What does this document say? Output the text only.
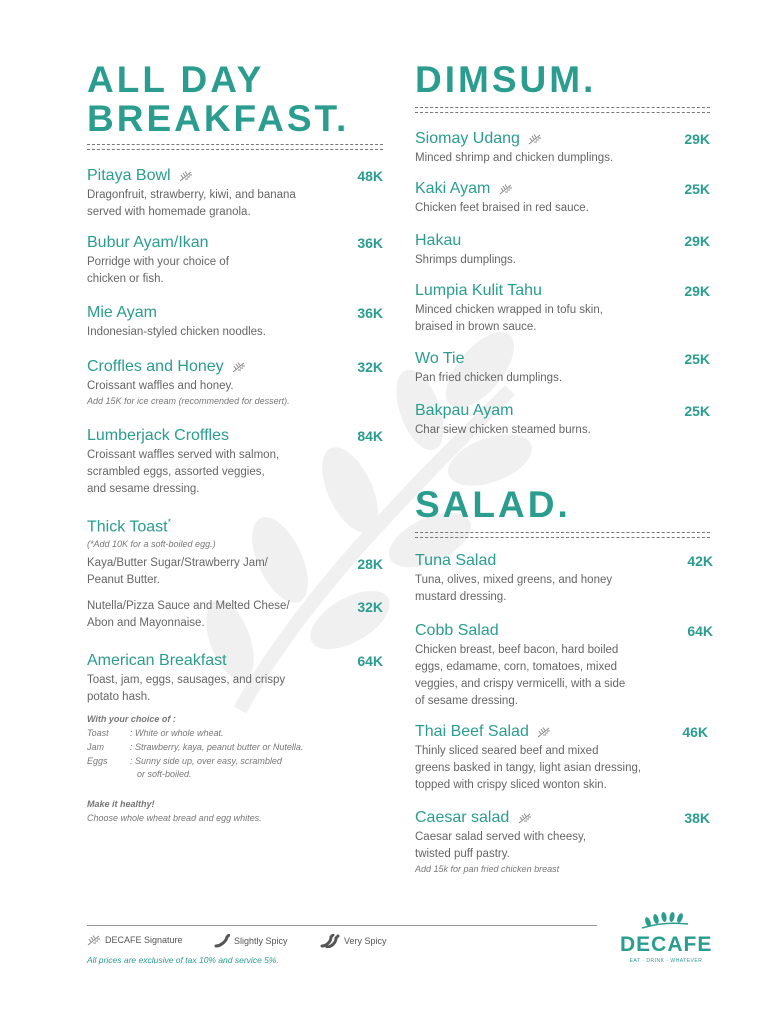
ALL DAY
BREAKFAST.
Pitaya Bowl	48K
Dragonfruit, strawberry, kiwi, and banana
served with homemade granola.
Bubur Ayam/Ikan	36K
Porridge with your choice of
chicken or fish.
Mie Ayam	36K
Indonesian-styled chicken noodles.
Croffles and Honey	32K
Croissant waffles and honey.
Add 15K for ice cream (recommended for dessert).
Lumberjack Croffles	84K
Croissant waffles served with salmon,
scrambled eggs, assorted veggies,
and sesame dressing.
Thick Toast*
(*Add 10K for a soft-boiled egg.)
Kaya/Butter Sugar/Strawberry Jam/
Peanut Butter.
28K
Nutella/Pizza Sauce and Melted Chese/
Abon and Mayonnaise.
32K
American Breakfast	64K
Toast, jam, eggs, sausages, and crispy
potato hash.
With your choice of :
Toast : White or whole wheat.
Jam	: Strawberry, kaya, peanut butter or Nutella.
Eggs : Sunny side up, over easy, scrambled
or soft-boiled.
Make it healthy!
Choose whole wheat bread and egg whites.
DIMSUM.
Siomay Udang	29K
Minced shrimp and chicken dumplings.
Kaki Ayam	25K
Chicken feet braised in red sauce.
Hakau	29K
Shrimps dumplings.
Lumpia Kulit Tahu	29K
Minced chicken wrapped in tofu skin,
braised in brown sauce.
Wo Tie	25K
Pan fried chicken dumplings.
Bakpau Ayam	25K
Char siew chicken steamed burns.
SALAD.
Tuna Salad	42K
Tuna, olives, mixed greens, and honey
mustard dressing.
Cobb Salad	64K
Chicken breast, beef bacon, hard boiled
eggs, edamame, corn, tomatoes, mixed
veggies, and crispy vermicelli, with a side
of sesame dressing.
Thai Beef Salad	46K
Thinly sliced seared beef and mixed
greens basked in tangy, light asian dressing,
topped with crispy sliced wonton skin.
Caesar salad	38K
Caesar salad served with cheesy,
twisted puff pastry.
Add 15k for pan fried chicken breast
DECAFE Signature	Slightly Spicy	Very Spicy
All prices are exclusive of tax 10% and service 5%.
DECAFE
EAT · DRINK · WHATEVER
